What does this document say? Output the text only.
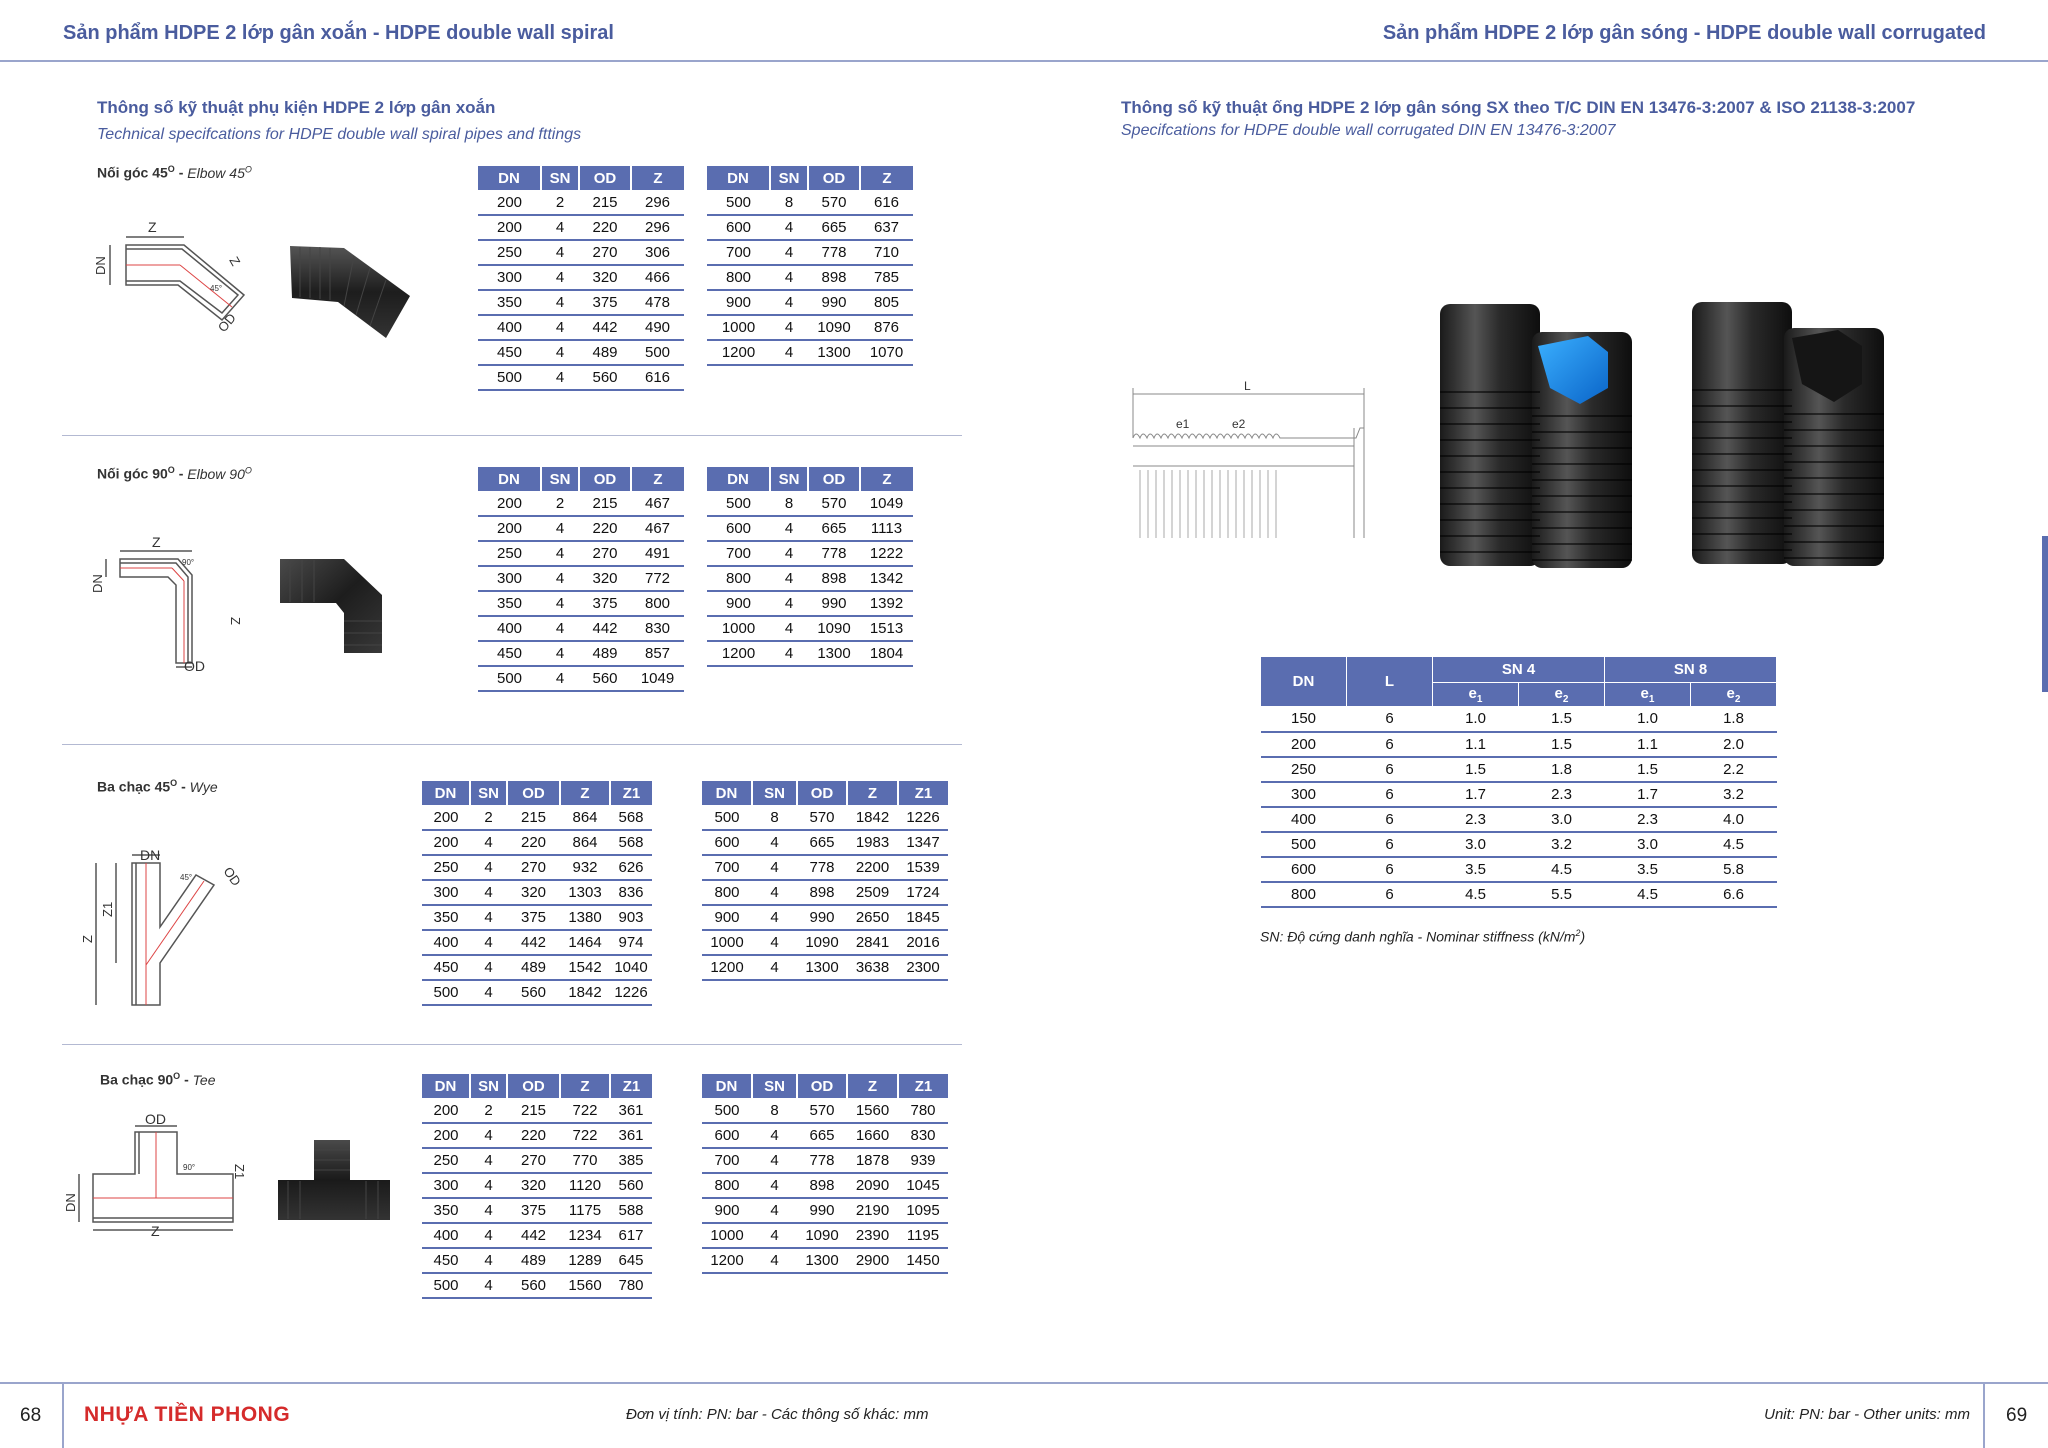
Sản phẩm HDPE 2 lớp gân xoắn - HDPE double wall spiral	Sản phẩm HDPE 2 lớp gân sóng - HDPE double wall corrugated
Thông số kỹ thuật phụ kiện HDPE 2 lớp gân xoắn
Technical specifcations for HDPE double wall spiral pipes and fttings
Thông số kỹ thuật ống HDPE 2 lớp gân sóng SX theo T/C DIN EN 13476-3:2007 & ISO 21138-3:2007
Specifcations for HDPE double wall corrugated DIN EN 13476-3:2007
Nối góc $45^O$ - Elbow $45^O$
Z
DN	Z
OD
45°
DN	SN	OD	Z
200	2	215	296
200	4	220	296
250	4	270	306
300	4	320	466
350	4	375	478
400	4	442	490
450	4	489	500
500	4	560	616
DN	SN	OD	Z
500	8	570	616
600	4	665	637
700	4	778	710
800	4	898	785
900	4	990	805
1000	4	1090	876
1200	4	1300	1070
Nối góc $90^O$ - Elbow $90^O$
Z
DN
Z
OD
90°
DN	SN	OD	Z
200	2	215	467
200	4	220	467
250	4	270	491
300	4	320	772
350	4	375	800
400	4	442	830
450	4	489	857
500	4	560	1049
DN	SN	OD	Z
500	8	570	1049
600	4	665	1113
700	4	778	1222
800	4	898	1342
900	4	990	1392
1000	4	1090	1513
1200	4	1300	1804
Ba chạc $45^O$ - Wye
DN
OD
Z1
Z
45°
DN	SN	OD	Z	Z1
200	2	215	864	568
200	4	220	864	568
250	4	270	932	626
300	4	320	1303	836
350	4	375	1380	903
400	4	442	1464	974
450	4	489	1542	1040
500	4	560	1842	1226
DN	SN	OD	Z	Z1
500	8	570	1842	1226
600	4	665	1983	1347
700	4	778	2200	1539
800	4	898	2509	1724
900	4	990	2650	1845
1000	4	1090	2841	2016
1200	4	1300	3638	2300
Ba chạc $90^O$ - Tee
OD
DN
Z1
Z
90°
DN	SN	OD	Z	Z1
200	2	215	722	361
200	4	220	722	361
250	4	270	770	385
300	4	320	1120	560
350	4	375	1175	588
400	4	442	1234	617
450	4	489	1289	645
500	4	560	1560	780
DN	SN	OD	Z	Z1
500	8	570	1560	780
600	4	665	1660	830
700	4	778	1878	939
800	4	898	2090	1045
900	4	990	2190	1095
1000	4	1090	2390	1195
1200	4	1300	2900	1450
L
e1	e2
DN	L	SN 4		SN 8	
		$e_1$	$e_2$	$e_1$	$e_2$
150	6	1.0	1.5	1.0	1.8
200	6	1.1	1.5	1.1	2.0
250	6	1.5	1.8	1.5	2.2
300	6	1.7	2.3	1.7	3.2
400	6	2.3	3.0	2.3	4.0
500	6	3.0	3.2	3.0	4.5
600	6	3.5	4.5	3.5	5.8
800	6	4.5	5.5	4.5	6.6
SN: Độ cứng danh nghĩa - Nominar stiffness $(kN/m^2)$
68	69
NHỰA TIỀN PHONG	Đơn vị tính: PN: bar - Các thông số khác: mm	Unit: PN: bar - Other units: mm
